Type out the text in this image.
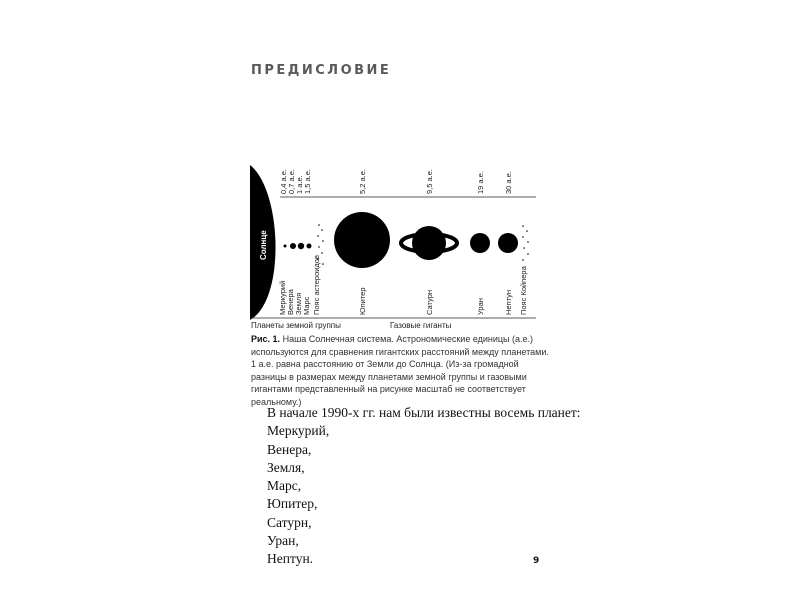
ПРЕДИСЛОВИЕ
Солнце
0,4 а.е. 0,7 а.е. 1 а.е. 1,5 а.е.	5,2 а.е.	9,5 а.е.	19 а.е.	30 а.е.
Меркурий Венера Земля Марс Пояс астероидов	Юпитер	Сатурн	Уран	Нептун Пояс Койпера
Планеты земной группы	Газовые гиганты
Рис. 1. Наша Солнечная система. Астрономические единицы (а.е.) используются для сравнения гигантских расстояний между планетами. 1 а.е. равна расстоянию от Земли до Солнца. (Из-за громадной разницы в размерах между планетами земной группы и газовыми гигантами представленный на рисунке масштаб не соответствует реальному.)
В начале 1990-х гг. нам были известны восемь планет:
Меркурий,
Венера,
Земля,
Марс,
Юпитер,
Сатурн,
Уран,
Нептун.	9
